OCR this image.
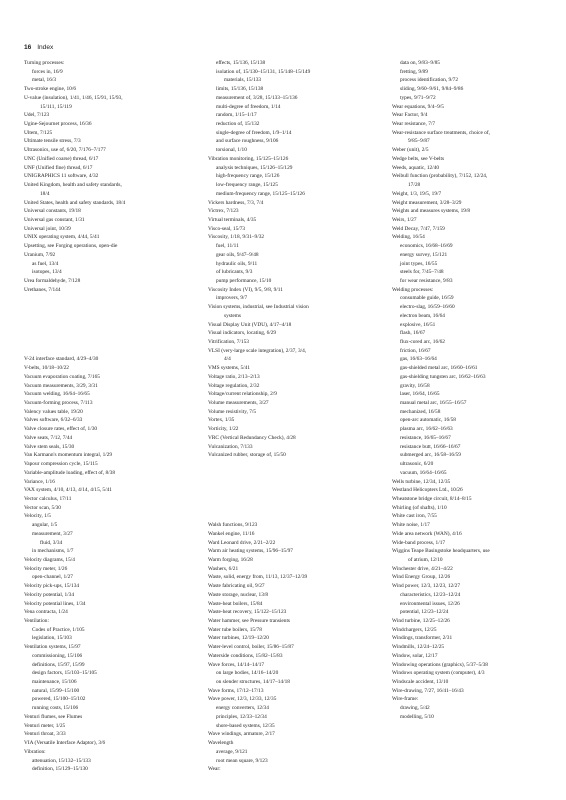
16 Index
Turning processes:
forces in, 16/9
metal, 16/3
Two-stroke engine, 10/6
U-value (insulation), 1/41, 1/46, 15/91, 15/93,
15/111, 15/119
Udel, 7/123
Ugine-Sejournet process, 16/36
Ultem, 7/125
Ultimate tensile stress, 7/3
Ultrasonics, use of, 6/20, 7/176–7/177
UNC (Unified coarse) thread, 6/17
UNF (Unified fine) thread, 6/17
UNIGRAPHICS 11 software, 4/32
United Kingdom, health and safety standards,
18/4
United States, health and safety standards, 18/4
Universal constants, 19/18
Universal gas constant, 1/31
Universal joint, 10/39
UNIX operating system, 4/44, 5/41
Upsetting, see Forging operations, open-die
Uranium, 7/92
as fuel, 13/4
isotopes, 13/4
Urea formaldehyde, 7/128
Urethanes, 7/144
V-24 interface standard, 4/29–4/30
V-belts, 10/18–10/22
Vacuum evaporation coating, 7/165
Vacuum measurements, 3/29, 3/31
Vacuum welding, 16/64–16/65
Vacuum-forming process, 7/113
Valency values table, 19/20
Valves software, 6/32–6/33
Valve closure rates, effect of, 1/30
Valve seats, 7/12, 7/44
Valve stem seals, 15/30
Van Karmann's momentum integral, 1/29
Vapour compression cycle, 15/115
Variable-amplitude loading, effect of, 8/38
Variance, 1/16
VAX system, 4/10, 4/13, 4/14, 4/15, 5/41
Vector calculus, 17/11
Vector scan, 5/30
Velocity, 1/5
angular, 1/5
measurement, 3/27
fluid, 3/34
in mechanisms, 1/7
Velocity diagrams, 15/4
Velocity meter, 1/26
open-channel, 1/27
Velocity pick-ups, 15/134
Velocity potential, 1/34
Velocity potential lines, 1/34
Vena contracta, 1/24
Ventilation:
Codes of Practice, 1/105
legislation, 15/103
Ventilation systems, 15/97
commissioning, 15/106
definitions, 15/97, 15/99
design factors, 15/103–15/105
maintenance, 15/106
natural, 15/99–15/100
powered, 15/100–15/102
running costs, 15/106
Venturi flumes, see Flumes
Venturi meter, 1/25
Venturi throat, 3/33
VIA (Versatile Interface Adaptor), 3/6
Vibration:
attenuation, 15/132–15/133
definition, 15/129–15/130
effects, 15/136, 15/138
isolation of, 15/130–15/131, 15/148–15/149
materials, 15/133
limits, 15/136, 15/138
measurement of, 3/28, 15/133–15/136
multi-degree of freedom, 1/14
random, 1/15–1/17
reduction of, 15/132
single-degree of freedom, 1/9–1/14
and surface roughness, 9/106
torsional, 1/10
Vibration monitoring, 15/125–15/126
analysis techniques, 15/126–15/129
high-frequency range, 15/126
low-frequency range, 15/125
medium-frequency range, 15/125–15/126
Vickers hardness, 7/3, 7/4
Victrex, 7/123
Virtual terminals, 4/35
Visco-seal, 15/73
Viscosity, 1/18, 9/31–9/32
fuel, 11/11
gear oils, 9/47–9/48
hydraulic oils, 9/11
of lubricants, 9/3
pump performance, 15/10
Viscosity Index (VI), 9/5, 9/8, 9/11
improvers, 9/7
Vision systems, industrial, see Industrial vision
systems
Visual Display Unit (VDU), 4/17–4/18
Visual indicators, locating, 6/29
Vitrification, 7/153
VLSI (very-large scale integration), 2/37, 3/4,
4/4
VMS systems, 5/41
Voltage ratio, 2/13–2/13
Voltage regulation, 2/32
Voltage/current relationship, 2/9
Volume measurements, 3/27
Volume resistivity, 7/5
Vortex, 1/35
Vorticity, 1/22
VRC (Vertical Redundancy Check), 4/28
Vulcanization, 7/133
Vulcanized rubber, storage of, 15/50
Walsh functions, 9/123
Wankel engine, 11/16
Ward Leonard drive, 2/21–2/22
Warm air heating systems, 15/96–15/97
Warm forging, 16/28
Washers, 6/21
Waste, solid, energy from, 11/13, 12/37–12/39
Waste fabricating oil, 9/27
Waste storage, nuclear, 13/8
Waste-heat boilers, 15/84
Waste-heat recovery, 15/122–15/123
Water hammer, see Pressure transients
Water tube boilers, 15/78
Water turbines, 12/19–12/20
Water-level control, boiler, 15/86–15/87
Waterside conditions, 15/82–15/83
Wave forces, 14/14–14/17
on large bodies, 14/16–14/20
on slender structures, 14/17–14/18
Wave forms, 17/12–17/13
Wave power, 12/3, 12/33, 12/35
energy converters, 12/34
principles, 12/33–12/34
shore-based systems, 12/35
Wave windings, armature, 2/17
Wavelength
average, 9/121
root mean square, 9/123
Wear:
data on, 9/83–9/85
fretting, 9/89
process identification, 9/72
sliding, 9/60–9/61, 9/84–9/86
types, 9/71–9/72
Wear equations, 9/4–9/5
Wear Factor, 9/4
Wear resistance, 7/7
Wear-resistance surface treatments, choice of,
9/85–9/87
Weber (unit), 2/5
Wedge belts, see V-belts
Weeds, aquatic, 12/40
Weibull function (probability), 7/152, 12/24,
17/28
Weight, 1/3, 19/5, 19/7
Weight measurement, 3/28–3/29
Weights and measures systems, 19/8
Weirs, 1/27
Weld Decay, 7/47, 7/159
Welding, 16/54
economics, 16/68–16/69
energy survey, 15/121
joint types, 16/55
steels for, 7/45–7/48
for wear resistance, 9/83
Welding processes:
consumable guide, 16/59
electro-slag, 16/59–16/60
electron beam, 16/64
explosive, 16/51
flash, 16/67
flux-cored arc, 16/62
friction, 16/67
gas, 16/63–16/64
gas-shielded metal arc, 16/60–16/61
gas-shielding tungsten arc, 16/62–16/63
gravity, 16/58
laser, 16/64, 16/65
manual metal arc, 16/55–16/57
mechanized, 16/58
open-arc automatic, 16/58
plasma arc, 16/62–16/63
resistance, 16/65–16/67
resistance butt, 16/66–16/67
submerged arc, 16/58–16/59
ultrasonic, 6/20
vacuum, 16/64–16/65
Wells turbine, 12/34, 12/35
Westland Helicopters Ltd., 10/26
Wheatstone bridge circuit, 8/14–8/15
Whirling (of shafts), 1/10
White cast iron, 7/55
White noise, 1/17
Wide area network (WAN), 4/16
Wide-band process, 1/17
Wiggins Teape Basingstoke headquarters, use
of atrium, 12/10
Winchester drive, 4/21–4/22
Wind Energy Group, 12/26
Wind power, 12/3, 12/23, 12/27
characteristics, 12/23–12/24
environmental issues, 12/26
potential, 12/23–12/24
Wind turbine, 12/25–12/26
Windchargers, 12/25
Windings, transformer, 2/31
Windmills, 12/24–12/25
Window, solar, 12/17
Windowing operations (graphics), 5/37–5/38
Windows operating system (computer), 4/3
Windscale accident, 13/10
Wire-drawing, 7/27, 16/41–16/43
Wire-frame:
drawing, 5/42
modelling, 5/10
